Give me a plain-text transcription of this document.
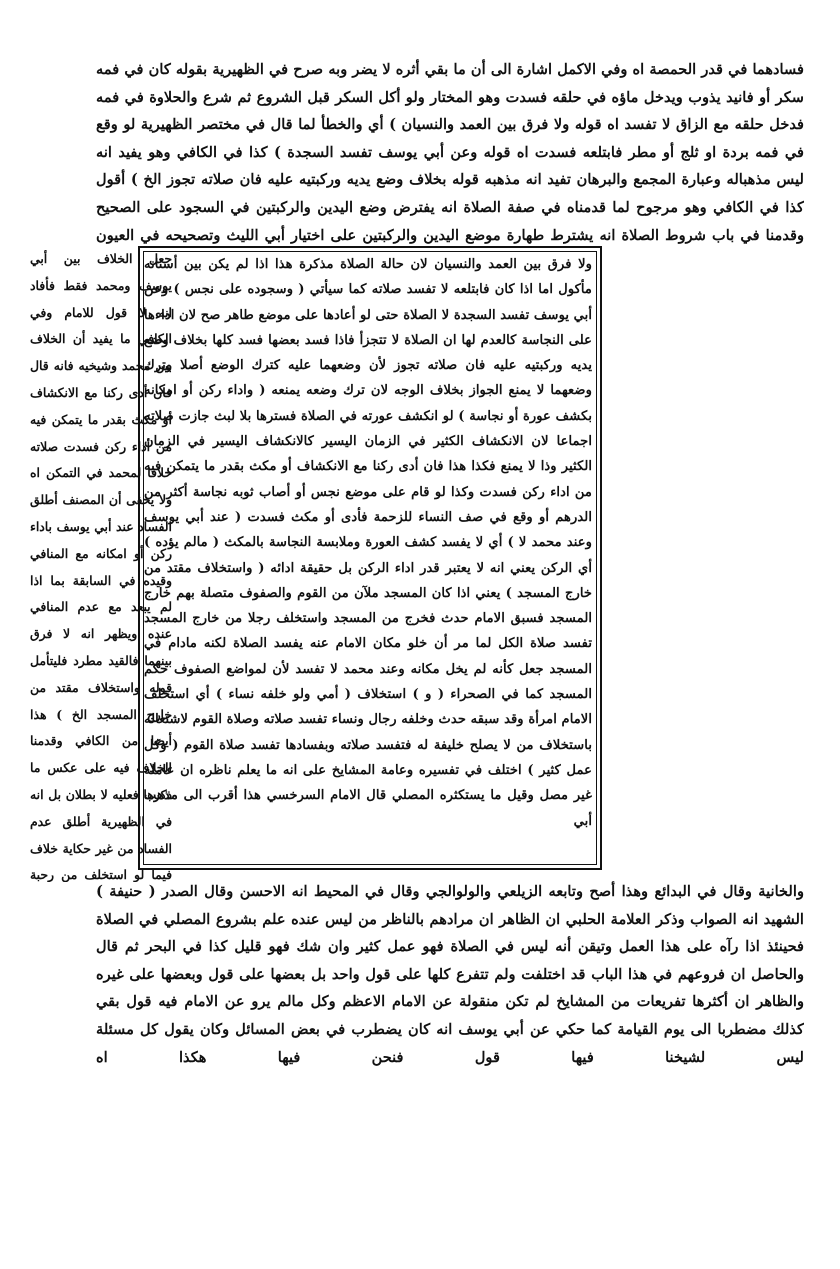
فسادهما في قدر الحمصة اه وفي الاكمل اشارة الى أن ما بقي أثره لا يضر وبه صرح في الظهيرية بقوله كان في فمه سكر أو فانيد يذوب ويدخل ماؤه في حلقه فسدت وهو المختار ولو أكل السكر قبل الشروع ثم شرع والحلاوة في فمه فدخل حلقه مع الزاق لا تفسد اه قوله ولا فرق بين العمد والنسيان ) أي والخطأ لما قال في مختصر الظهيرية لو وقع في فمه بردة او ثلج أو مطر فابتلعه فسدت اه قوله وعن أبي يوسف تفسد السجدة ) كذا في الكافي وهو يفيد انه ليس مذهباله وعبارة المجمع والبرهان تفيد انه مذهبه قوله بخلاف وضع يديه وركبتيه عليه فان صلاته تجوز الخ ) أقول كذا في الكافي وهو مرجوح لما قدمناه في صفة الصلاة انه يفترض وضع اليدين والركبتين في السجود على الصحيح وقدمنا في باب شروط الصلاة انه يشترط طهارة موضع اليدين والركبتين على اختيار أبي الليث وتصحيحه في العيون
جعل الخلاف بين أبي يوسف ومحمد فقط فأفاد انه لا قول للامام وفي الكافي ما يفيد أن الخلاف بين محمد وشيخيه فانه قال فان أدى ركنا مع الانكشاف أو مكث بقدر ما يتمكن فيه من أداء ركن فسدت صلاته خلافا لمحمد في التمكن اه ولا يخفى أن المصنف أطلق الفساد عند أبي يوسف باداء ركن أو امكانه مع المنافي وقيده في السابقة بما اذا لم يبعد مع عدم المنافي عنده ويظهر انه لا فرق بينهما فالقيد مطرد فليتأمل قوله واستخلاف مقتد من خارج المسجد الخ ) هذا أيضا من الكافي وقدمنا الخلاف فيه على عكس ما ذكرها فعليه لا بطلان بل انه في الظهيرية أطلق عدم الفساد من غير حكاية خلاف فيما لو استخلف من رحبة
ولا فرق بين العمد والنسيان لان حالة الصلاة مذكرة هذا اذا لم يكن بين أسنانه مأكول اما اذا كان فابتلعه لا تفسد صلاته كما سيأتي ( وسجوده على نجس ) وعن أبي يوسف تفسد السجدة لا الصلاة حتى لو أعادها على موضع طاهر صح لان اداءها على النجاسة كالعدم لها ان الصلاة لا تتجزأ فاذا فسد بعضها فسد كلها بخلاف وضع يديه وركبتيه عليه فان صلاته تجوز لأن وضعهما عليه كترك الوضع أصلا وترك وضعهما لا يمنع الجواز بخلاف الوجه لان ترك وضعه يمنعه ( واداء ركن أو امكانه بكشف عورة أو نجاسة ) لو انكشف عورته في الصلاة فسترها بلا لبث جازت صلاته اجماعا لان الانكشاف الكثير في الزمان اليسير كالانكشاف اليسير في الزمان الكثير وذا لا يمنع فكذا هذا فان أدى ركنا مع الانكشاف أو مكث بقدر ما يتمكن فيه من اداء ركن فسدت وكذا لو قام على موضع نجس أو أصاب ثوبه نجاسة أكثر من الدرهم أو وقع في صف النساء للزحمة فأدى أو مكث فسدت ( عند أبي يوسف وعند محمد لا ) أي لا يفسد كشف العورة وملابسة النجاسة بالمكث ( مالم يؤده ) أي الركن يعني انه لا يعتبر قدر اداء الركن بل حقيقة ادائه ( واستخلاف مقتد من خارج المسجد ) يعني اذا كان المسجد ملآن من القوم والصفوف متصلة بهم خارج المسجد فسبق الامام حدث فخرج من المسجد واستخلف رجلا من خارج المسجد تفسد صلاة الكل لما مر أن خلو مكان الامام عنه يفسد الصلاة لكنه مادام في المسجد جعل كأنه لم يخل مكانه وعند محمد لا تفسد لأن لمواضع الصفوف حكم المسجد كما في الصحراء ( و ) استخلاف ( أمي ولو خلفه نساء ) أي استخلف الامام امرأة وقد سبقه حدث وخلفه رجال ونساء تفسد صلاته وصلاة القوم لاشتغاله باستخلاف من لا يصلح خليفة له فتفسد صلاته وبفسادها تفسد صلاة القوم ( وكل عمل كثير ) اختلف في تفسيره وعامة المشايخ على انه ما يعلم ناظره ان عامله غير مصل وقيل ما يستكثره المصلي قال الامام السرخسي هذا أقرب الى مذهب أبي
والخانية وقال في البدائع وهذا أصح وتابعه الزيلعي والولوالجي وقال في المحيط انه الاحسن وقال الصدر ( حنيفة ) الشهيد انه الصواب وذكر العلامة الحلبي ان الظاهر ان مرادهم بالناظر من ليس عنده علم بشروع المصلي في الصلاة فحينئذ اذا رآه على هذا العمل وتيقن أنه ليس في الصلاة فهو عمل كثير وان شك فهو قليل كذا في البحر ثم قال والحاصل ان فروعهم في هذا الباب قد اختلفت ولم تتفرع كلها على قول واحد بل بعضها على قول وبعضها على غيره والظاهر ان أكثرها تفريعات من المشايخ لم تكن منقولة عن الامام الاعظم وكل مالم يرو عن الامام فيه قول بقي كذلك مضطربا الى يوم القيامة كما حكي عن أبي يوسف انه كان يضطرب في بعض المسائل وكان يقول كل مسئلة ليس لشيخنا فيها قول فنحن فيها هكذا اه
